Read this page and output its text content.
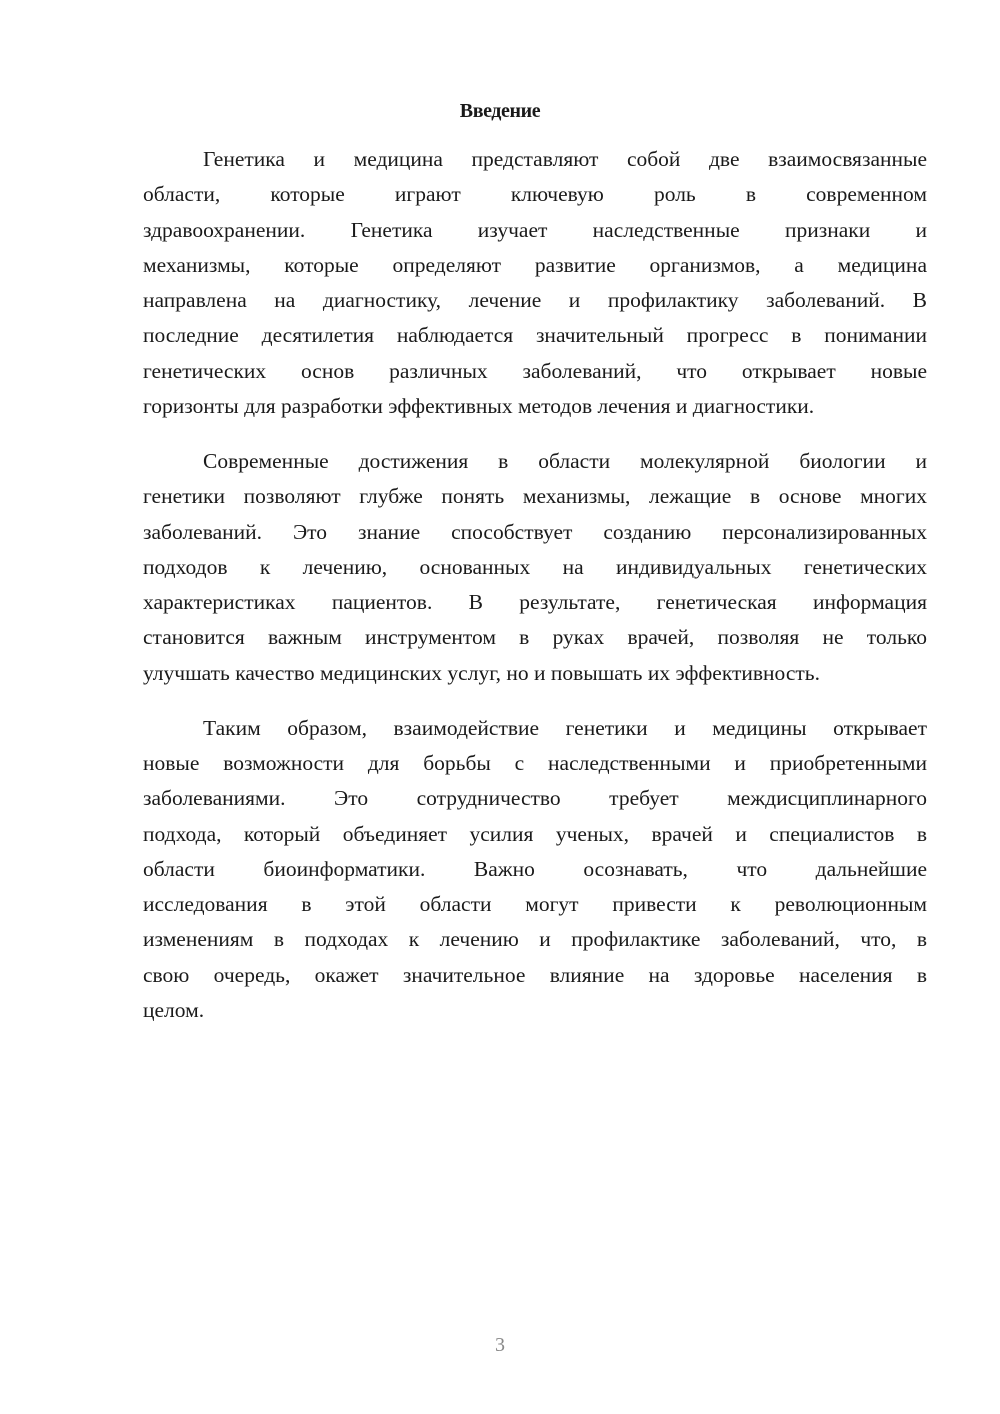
Введение
Генетика и медицина представляют собой две взаимосвязанные
области, которые играют ключевую роль в современном
здравоохранении. Генетика изучает наследственные признаки и
механизмы, которые определяют развитие организмов, а медицина
направлена на диагностику, лечение и профилактику заболеваний. В
последние десятилетия наблюдается значительный прогресс в понимании
генетических основ различных заболеваний, что открывает новые
горизонты для разработки эффективных методов лечения и диагностики.
Современные достижения в области молекулярной биологии и
генетики позволяют глубже понять механизмы, лежащие в основе многих
заболеваний. Это знание способствует созданию персонализированных
подходов к лечению, основанных на индивидуальных генетических
характеристиках пациентов. В результате, генетическая информация
становится важным инструментом в руках врачей, позволяя не только
улучшать качество медицинских услуг, но и повышать их эффективность.
Таким образом, взаимодействие генетики и медицины открывает
новые возможности для борьбы с наследственными и приобретенными
заболеваниями. Это сотрудничество требует междисциплинарного
подхода, который объединяет усилия ученых, врачей и специалистов в
области биоинформатики. Важно осознавать, что дальнейшие
исследования в этой области могут привести к революционным
изменениям в подходах к лечению и профилактике заболеваний, что, в
свою очередь, окажет значительное влияние на здоровье населения в
целом.
3
